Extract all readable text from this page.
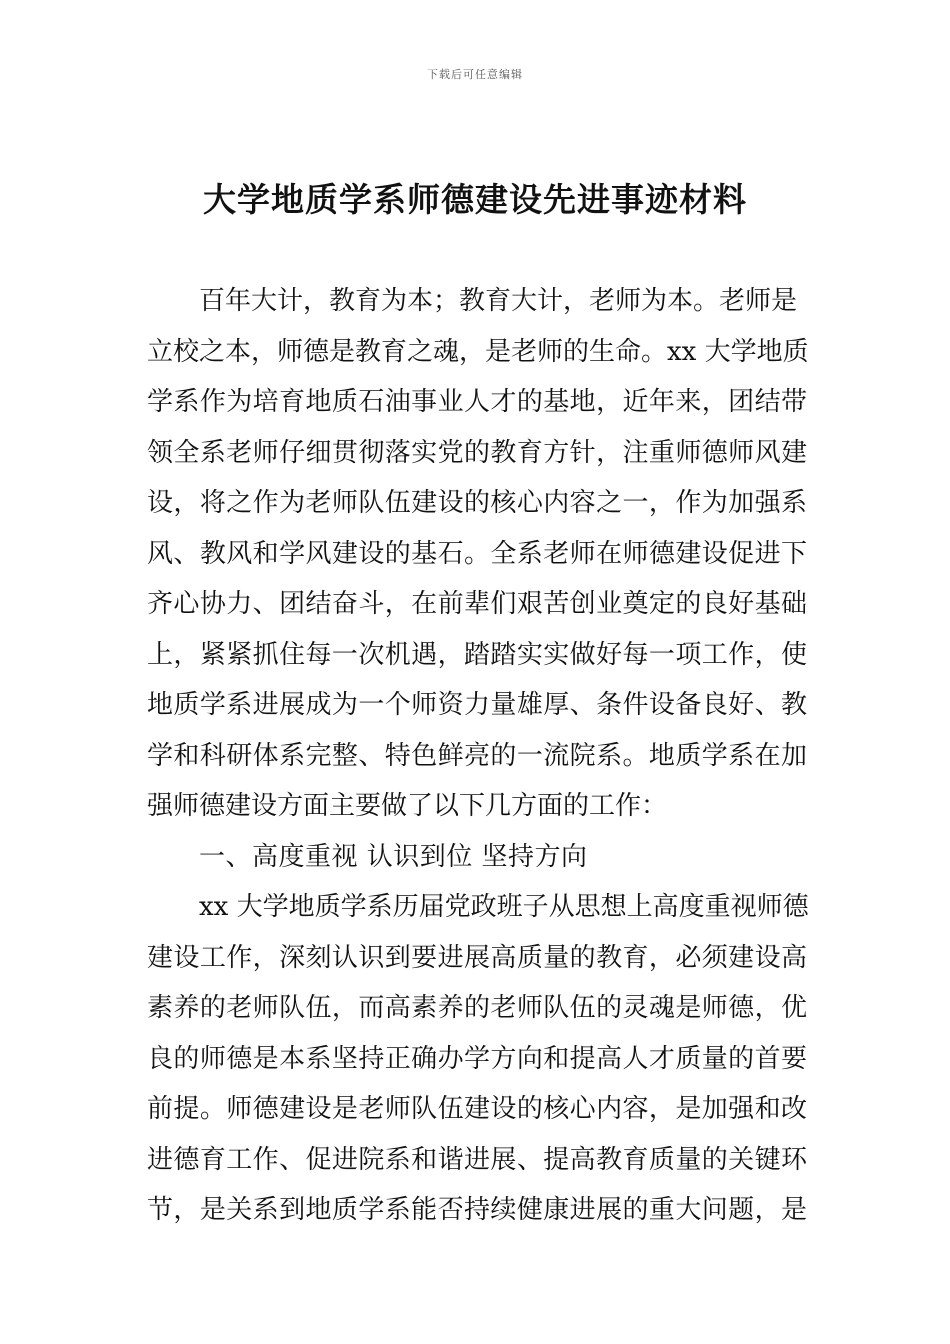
下载后可任意编辑
大学地质学系师德建设先进事迹材料
百年大计，教育为本；教育大计，老师为本。老师是
立校之本，师德是教育之魂，是老师的生命。xx 大学地质
学系作为培育地质石油事业人才的基地，近年来，团结带
领全系老师仔细贯彻落实党的教育方针，注重师德师风建
设，将之作为老师队伍建设的核心内容之一，作为加强系
风、教风和学风建设的基石。全系老师在师德建设促进下
齐心协力、团结奋斗，在前辈们艰苦创业奠定的良好基础
上，紧紧抓住每一次机遇，踏踏实实做好每一项工作，使
地质学系进展成为一个师资力量雄厚、条件设备良好、教
学和科研体系完整、特色鲜亮的一流院系。地质学系在加
强师德建设方面主要做了以下几方面的工作：
一、高度重视 认识到位 坚持方向
xx 大学地质学系历届党政班子从思想上高度重视师德
建设工作，深刻认识到要进展高质量的教育，必须建设高
素养的老师队伍，而高素养的老师队伍的灵魂是师德，优
良的师德是本系坚持正确办学方向和提高人才质量的首要
前提。师德建设是老师队伍建设的核心内容，是加强和改
进德育工作、促进院系和谐进展、提高教育质量的关键环
节，是关系到地质学系能否持续健康进展的重大问题，是
